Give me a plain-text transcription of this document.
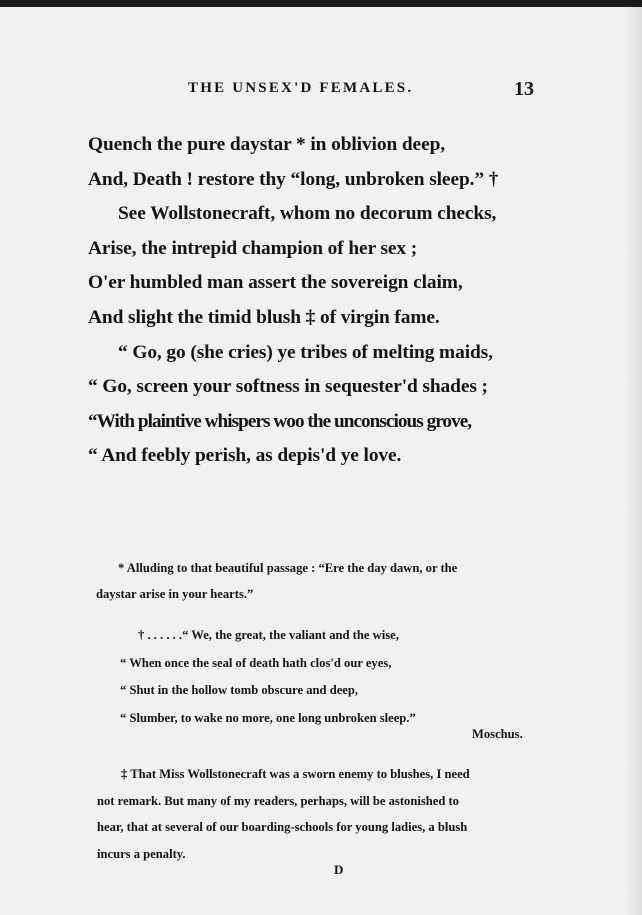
THE UNSEX'D FEMALES.	13
Quench the pure daystar * in oblivion deep,
And, Death ! restore thy “long, unbroken sleep.” †
See Wollstonecraft, whom no decorum checks,
Arise, the intrepid champion of her sex ;
O'er humbled man assert the sovereign claim,
And slight the timid blush ‡ of virgin fame.
“ Go, go (she cries) ye tribes of melting maids,
“ Go, screen your softness in sequester'd shades ;
“With plaintive whispers woo the unconscious grove,
“ And feebly perish, as depis'd ye love.
* Alluding to that beautiful passage : “Ere the day dawn, or the
daystar arise in your hearts.”
† . . . . . .“ We, the great, the valiant and the wise,
“ When once the seal of death hath clos'd our eyes,
“ Shut in the hollow tomb obscure and deep,
“ Slumber, to wake no more, one long unbroken sleep.”
Moschus.
‡ That Miss Wollstonecraft was a sworn enemy to blushes, I need
not remark. But many of my readers, perhaps, will be astonished to
hear, that at several of our boarding-schools for young ladies, a blush
incurs a penalty.
D
